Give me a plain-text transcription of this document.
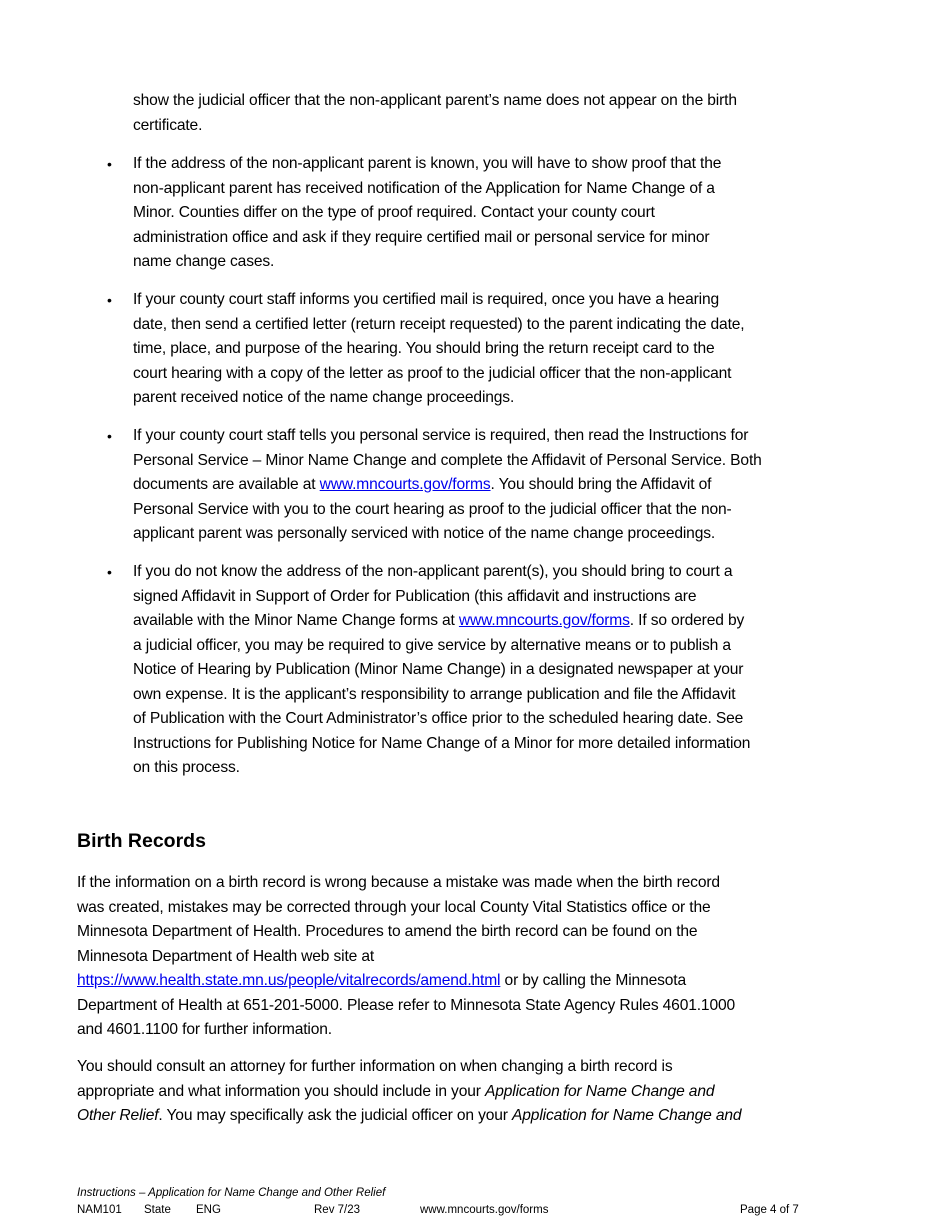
Birth Records
Instructions – Application for Name Change and Other Relief
NAM101 State ENG	Rev 7/23	www.mncourts.gov/forms	Page 4 of 7
show the judicial officer that the non-applicant parent’s name does not appear on the birth
certificate.
• If the address of the non-applicant parent is known, you will have to show proof that the
non-applicant parent has received notification of the Application for Name Change of a
Minor. Counties differ on the type of proof required. Contact your county court
administration office and ask if they require certified mail or personal service for minor
name change cases.
• If your county court staff informs you certified mail is required, once you have a hearing
date, then send a certified letter (return receipt requested) to the parent indicating the date,
time, place, and purpose of the hearing. You should bring the return receipt card to the
court hearing with a copy of the letter as proof to the judicial officer that the non-applicant
parent received notice of the name change proceedings.
• If your county court staff tells you personal service is required, then read the Instructions for
Personal Service – Minor Name Change and complete the Affidavit of Personal Service. Both
documents are available at www.mncourts.gov/forms. You should bring the Affidavit of
Personal Service with you to the court hearing as proof to the judicial officer that the non-
applicant parent was personally serviced with notice of the name change proceedings.
• If you do not know the address of the non-applicant parent(s), you should bring to court a
signed Affidavit in Support of Order for Publication (this affidavit and instructions are
available with the Minor Name Change forms at www.mncourts.gov/forms. If so ordered by
a judicial officer, you may be required to give service by alternative means or to publish a
Notice of Hearing by Publication (Minor Name Change) in a designated newspaper at your
own expense. It is the applicant’s responsibility to arrange publication and file the Affidavit
of Publication with the Court Administrator’s office prior to the scheduled hearing date. See
Instructions for Publishing Notice for Name Change of a Minor for more detailed information
on this process.
If the information on a birth record is wrong because a mistake was made when the birth record
was created, mistakes may be corrected through your local County Vital Statistics office or the
Minnesota Department of Health. Procedures to amend the birth record can be found on the
Minnesota Department of Health web site at
https://www.health.state.mn.us/people/vitalrecords/amend.html or by calling the Minnesota
Department of Health at 651-201-5000. Please refer to Minnesota State Agency Rules 4601.1000
and 4601.1100 for further information.
You should consult an attorney for further information on when changing a birth record is
appropriate and what information you should include in your Application for Name Change and
Other Relief. You may specifically ask the judicial officer on your Application for Name Change and
